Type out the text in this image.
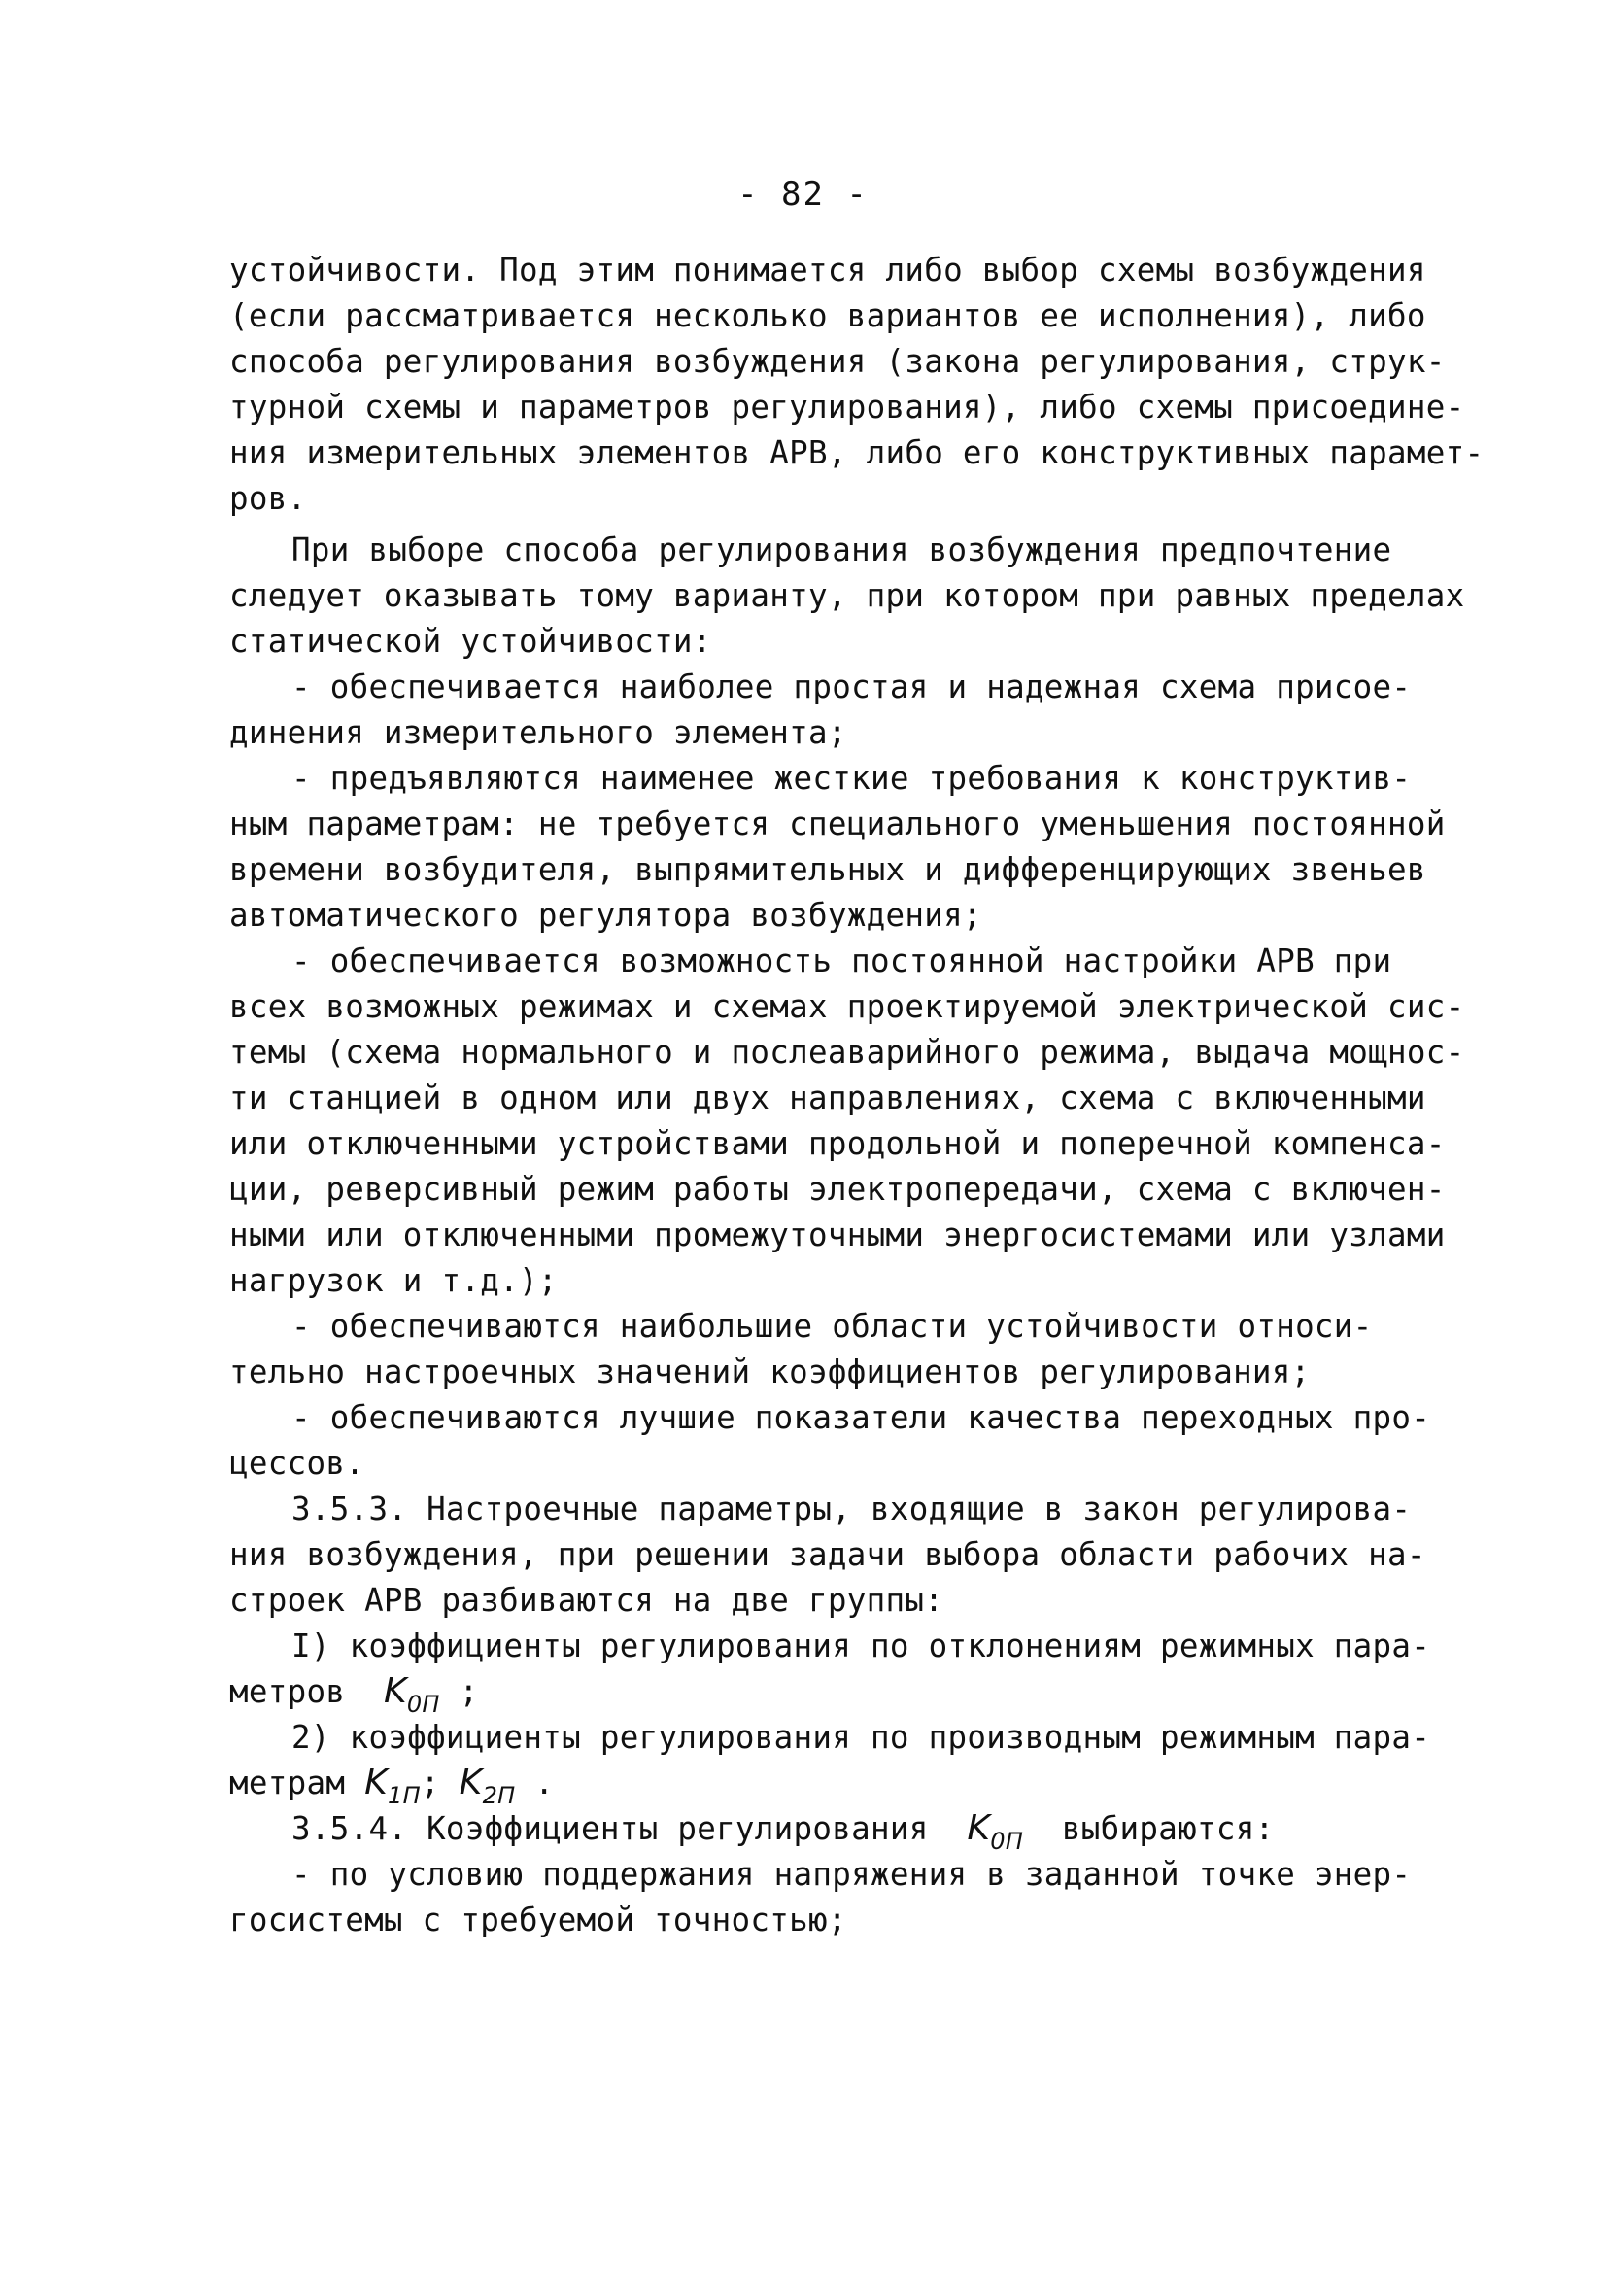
- 82 -
устойчивости. Под этим понимается либо выбор схемы возбуждения
(если рассматривается несколько вариантов ее исполнения), либо
способа регулирования возбуждения (закона регулирования, струк-
турной схемы и параметров регулирования), либо схемы присоедине-
ния измерительных элементов АРВ, либо его конструктивных парамет-
ров.
При выборе способа регулирования возбуждения предпочтение
следует оказывать тому варианту, при котором при равных пределах
статической устойчивости:
- обеспечивается наиболее простая и надежная схема присое-
динения измерительного элемента;
- предъявляются наименее жесткие требования к конструктив-
ным параметрам: не требуется специального уменьшения постоянной
времени возбудителя, выпрямительных и дифференцирующих звеньев
автоматического регулятора возбуждения;
- обеспечивается возможность постоянной настройки АРВ при
всех возможных режимах и схемах проектируемой электрической сис-
темы (схема нормального и послеаварийного режима, выдача мощнос-
ти станцией в одном или двух направлениях, схема с включенными
или отключенными устройствами продольной и поперечной компенса-
ции, реверсивный режим работы электропередачи, схема с включен-
ными или отключенными промежуточными энергосистемами или узлами
нагрузок и т.д.);
- обеспечиваются наибольшие области устойчивости относи-
тельно настроечных значений коэффициентов регулирования;
- обеспечиваются лучшие показатели качества переходных про-
цессов.
3.5.3. Настроечные параметры, входящие в закон регулирова-
ния возбуждения, при решении задачи выбора области рабочих на-
строек АРВ разбиваются на две группы:
I) коэффициенты регулирования по отклонениям режимных пара-
метров $K_{0П}$ ;
2) коэффициенты регулирования по производным режимным пара-
метрам $K_{1П}$; $K_{2П}$ .
3.5.4. Коэффициенты регулирования $K_{0П}$ выбираются:
- по условию поддержания напряжения в заданной точке энер-
госистемы с требуемой точностью;
